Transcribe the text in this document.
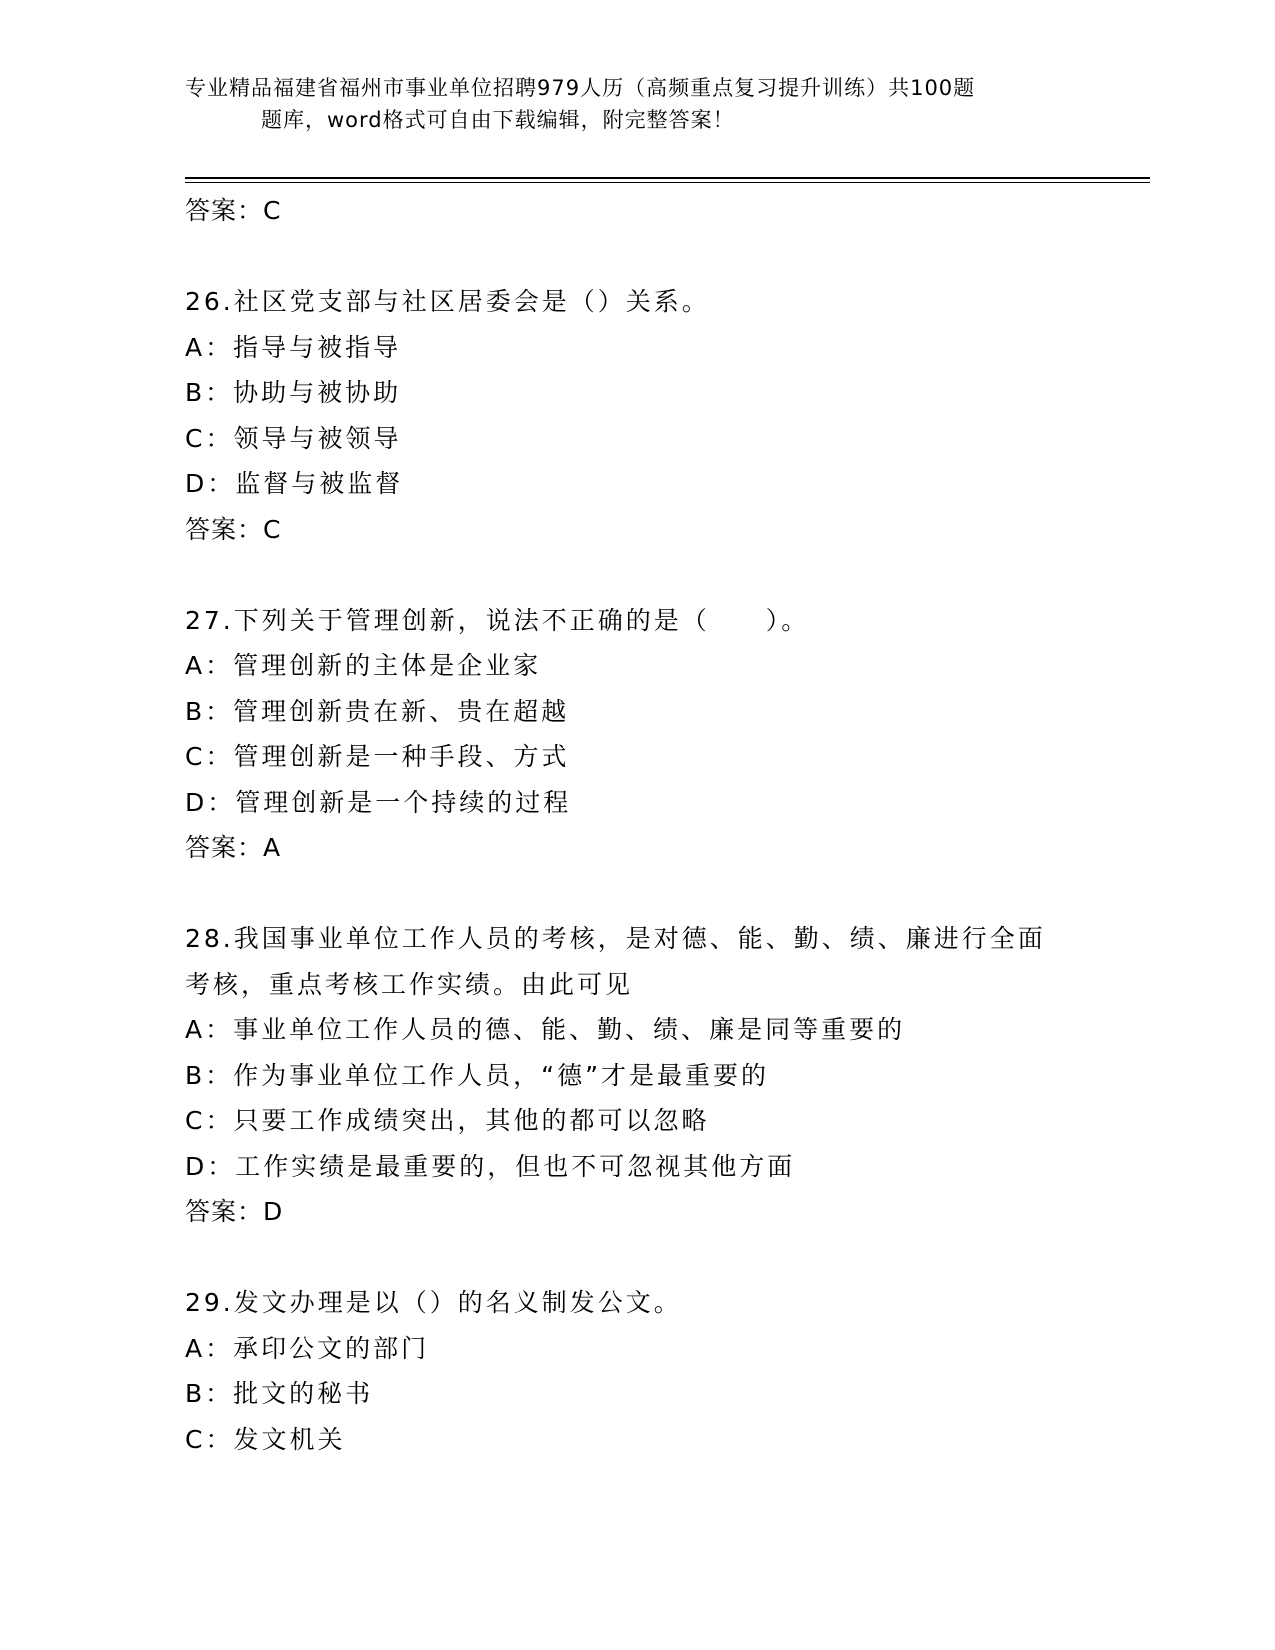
专业精品福建省福州市事业单位招聘979人历（高频重点复习提升训练）共100题
题库，word格式可自由下载编辑，附完整答案！
答案：C
26.社区党支部与社区居委会是（）关系。
A：指导与被指导
B：协助与被协助
C：领导与被领导
D：监督与被监督
答案：C
27.下列关于管理创新，说法不正确的是（　　）。
A：管理创新的主体是企业家
B：管理创新贵在新、贵在超越
C：管理创新是一种手段、方式
D：管理创新是一个持续的过程
答案：A
28.我国事业单位工作人员的考核，是对德、能、勤、绩、廉进行全面
考核，重点考核工作实绩。由此可见
A：事业单位工作人员的德、能、勤、绩、廉是同等重要的
B：作为事业单位工作人员，“德”才是最重要的
C：只要工作成绩突出，其他的都可以忽略
D：工作实绩是最重要的，但也不可忽视其他方面
答案：D
29.发文办理是以（）的名义制发公文。
A：承印公文的部门
B：批文的秘书
C：发文机关
